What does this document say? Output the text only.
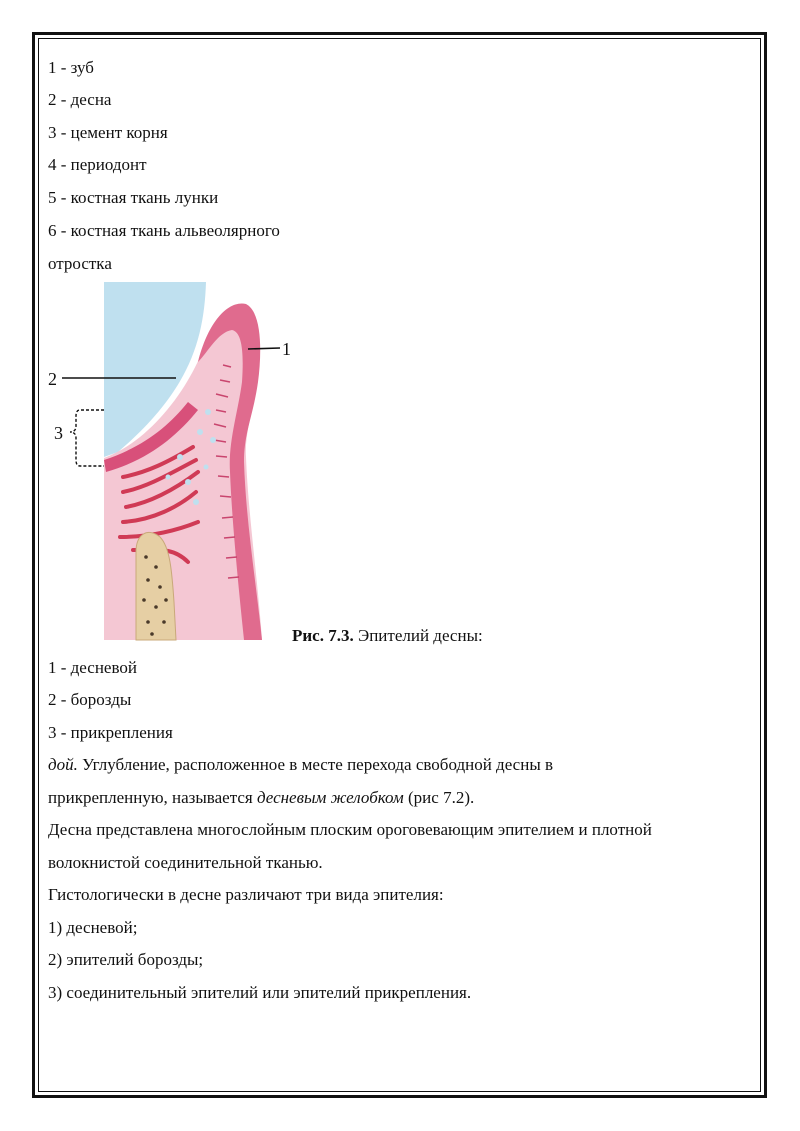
1 - зуб
2 - десна
3 - цемент корня
4 - периодонт
5 - костная ткань лунки
6 - костная ткань альвеолярного
отростка
1 - десневой
2 - борозды
3 - прикрепления
дой. Углубление, расположенное в месте перехода свободной десны в
прикрепленную, называется десневым желобком (рис 7.2).
Десна представлена многослойным плоским ороговевающим эпителием и плотной
волокнистой соединительной тканью.
Гистологически в десне различают три вида эпителия:
1) десневой;
2) эпителий борозды;
3) соединительный эпителий или эпителий прикрепления.
1
2
3
Рис. 7.3. Эпителий десны:
